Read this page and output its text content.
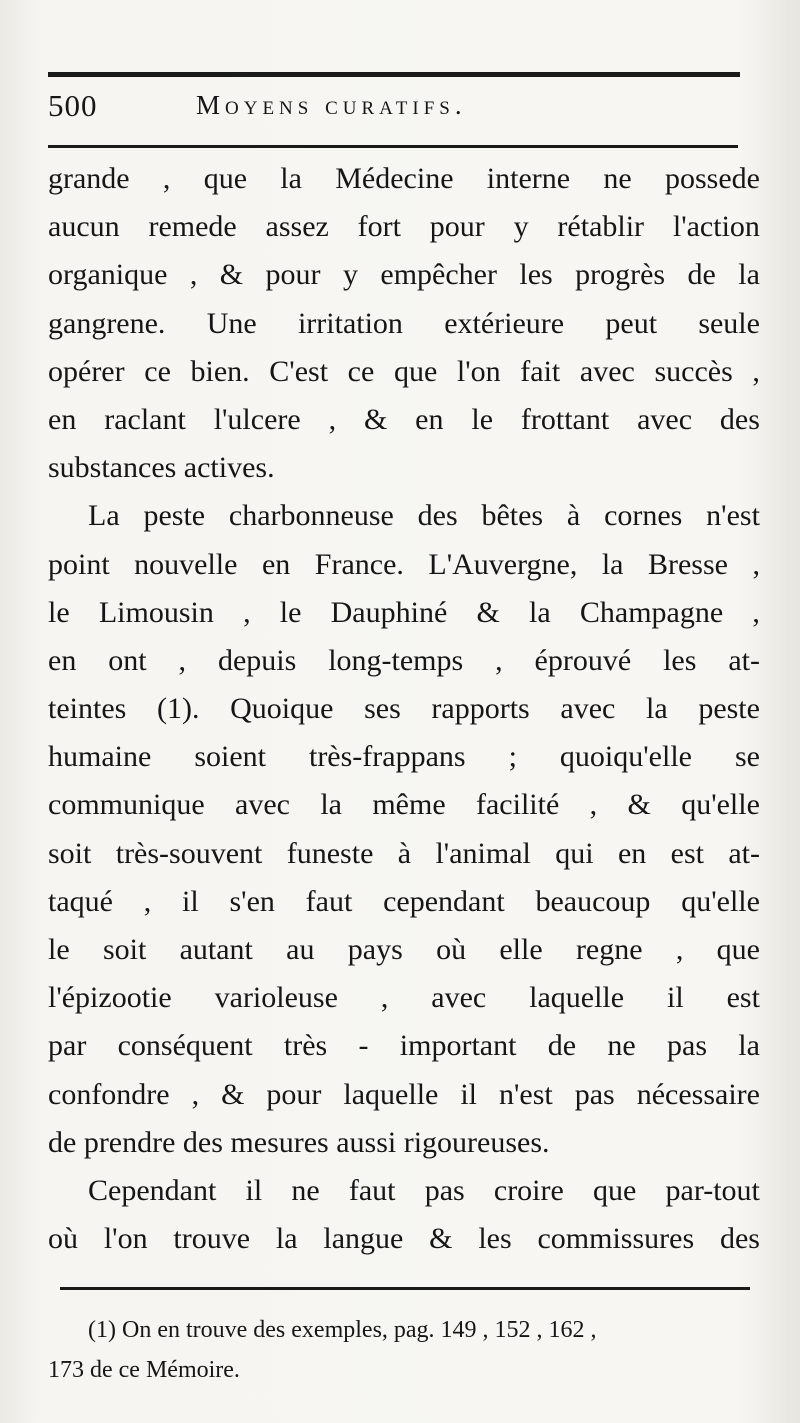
500	Moyens curatifs.
grande , que la Médecine interne ne possede
aucun remede assez fort pour y rétablir l'action
organique , & pour y empêcher les progrès de la
gangrene. Une irritation extérieure peut seule
opérer ce bien. C'est ce que l'on fait avec succès ,
en raclant l'ulcere , & en le frottant avec des
substances actives.
La peste charbonneuse des bêtes à cornes n'est
point nouvelle en France. L'Auvergne, la Bresse ,
le Limousin , le Dauphiné & la Champagne ,
en ont , depuis long-temps , éprouvé les at-
teintes (1). Quoique ses rapports avec la peste
humaine soient très-frappans ; quoiqu'elle se
communique avec la même facilité , & qu'elle
soit très-souvent funeste à l'animal qui en est at-
taqué , il s'en faut cependant beaucoup qu'elle
le soit autant au pays où elle regne , que
l'épizootie varioleuse , avec laquelle il est
par conséquent très - important de ne pas la
confondre , & pour laquelle il n'est pas nécessaire
de prendre des mesures aussi rigoureuses.
Cependant il ne faut pas croire que par-tout
où l'on trouve la langue & les commissures des
(1) On en trouve des exemples, pag. 149 , 152 , 162 ,
173 de ce Mémoire.
